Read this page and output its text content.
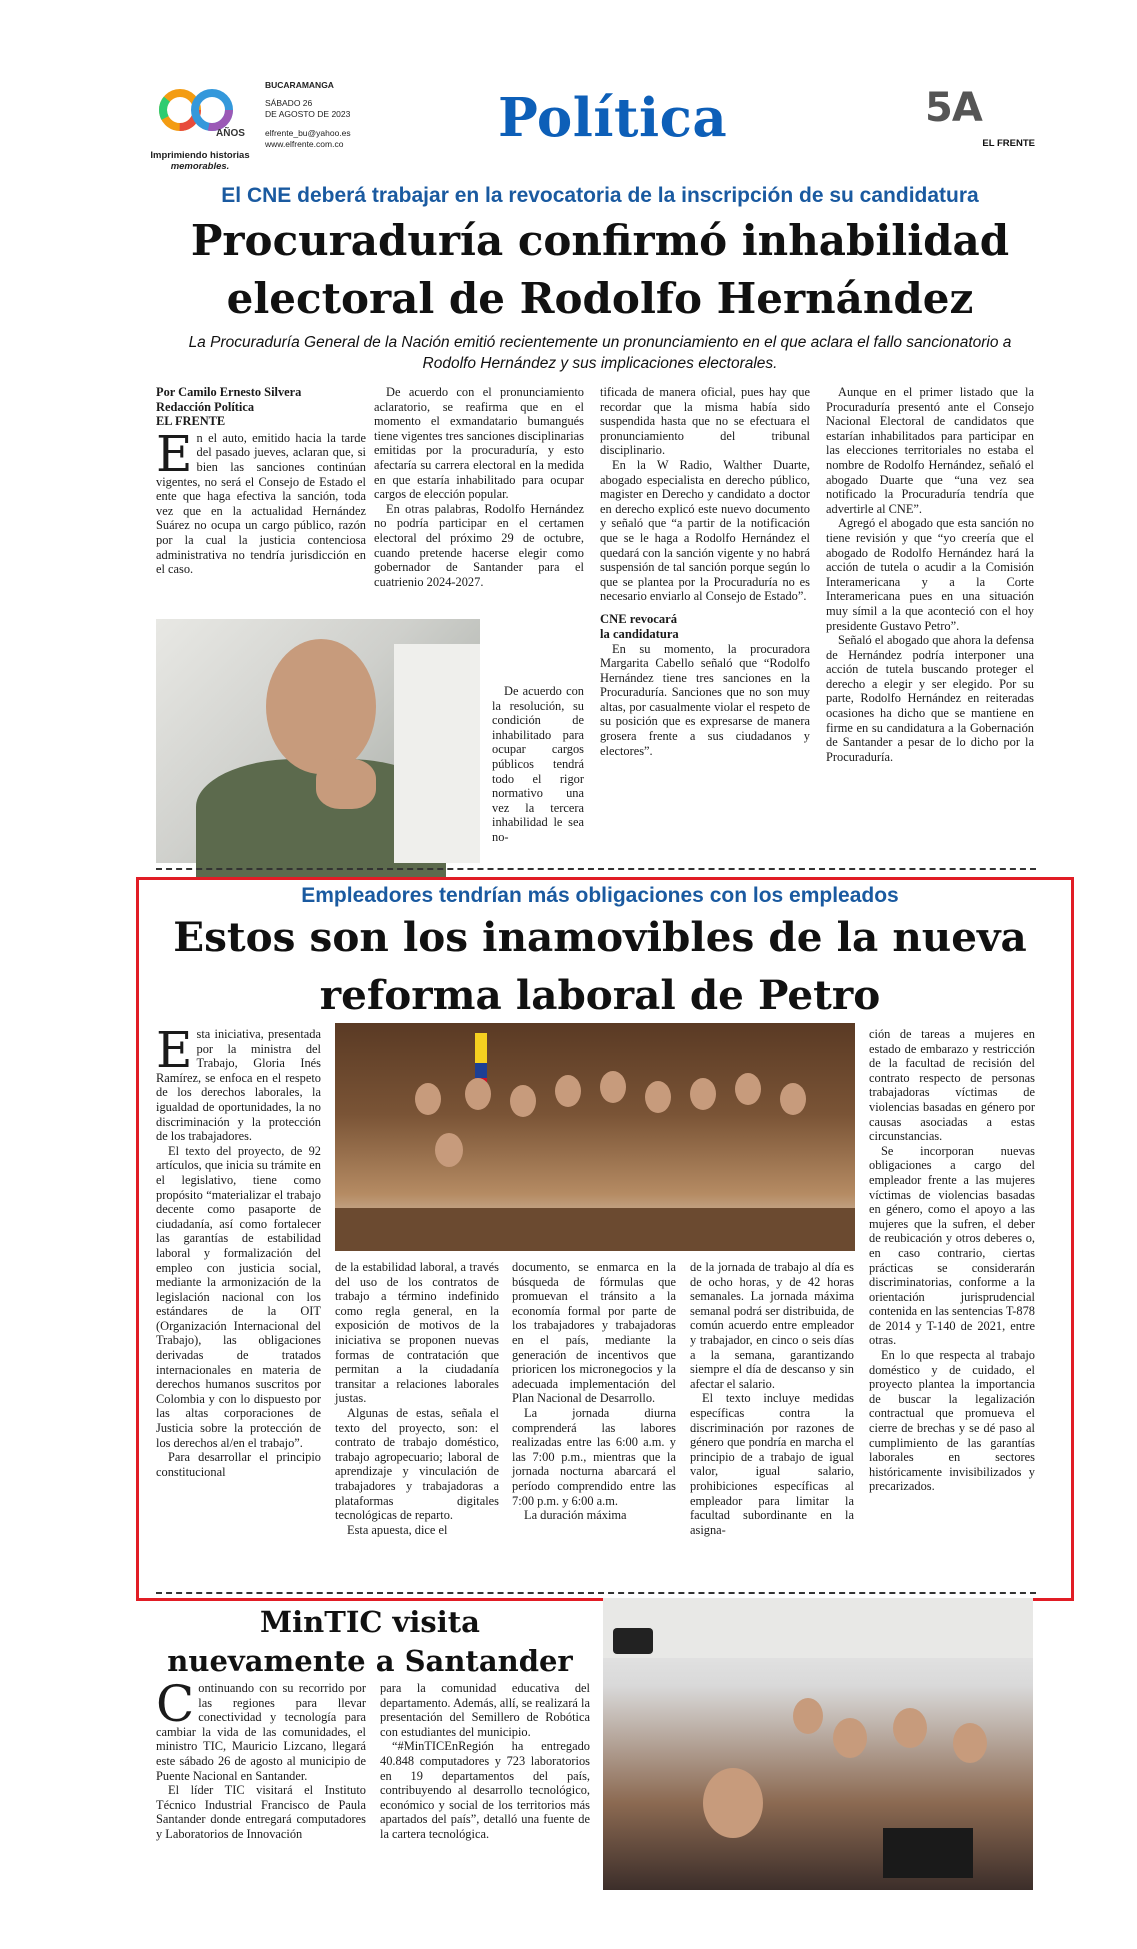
AÑOS
Imprimiendo historias
memorables.
BUCARAMANGA
SÁBADO 26
DE AGOSTO DE 2023
elfrente_bu@yahoo.es
www.elfrente.com.co	Política	5A
EL FRENTE
El CNE deberá trabajar en la revocatoria de la inscripción de su candidatura
Procuraduría confirmó inhabilidad electoral de Rodolfo Hernández
La Procuraduría General de la Nación emitió recientemente un pronunciamiento en el que aclara el fallo sancionatorio a Rodolfo Hernández y sus implicaciones electorales.
Por Camilo Ernesto Silvera
Redacción Política
EL FRENTE

En el auto, emitido hacia la tarde del pasado jueves, aclaran que, si bien las sanciones continúan vigentes, no será el Consejo de Estado el ente que haga efectiva la sanción, toda vez que en la actualidad Hernández Suárez no ocupa un cargo público, razón por la cual la justicia contenciosa administrativa no tendría jurisdicción en el caso.

De acuerdo con el pronunciamiento aclaratorio, se reafirma que en el momento el exmandatario bumangués tiene vigentes tres sanciones disciplinarias emitidas por la procuraduría, y esto afectaría su carrera electoral en la medida en que estaría inhabilitado para ocupar cargos de elección popular.

En otras palabras, Rodolfo Hernández no podría participar en el certamen electoral del próximo 29 de octubre, cuando pretende hacerse elegir como gobernador de Santander para el cuatrienio 2024-2027.

De acuerdo con la resolución, su condición de inhabilitado para ocupar cargos públicos tendrá todo el rigor normativo una vez la tercera inhabilidad le sea no-

tificada de manera oficial, pues hay que recordar que la misma había sido suspendida hasta que no se efectuara el pronunciamiento del tribunal disciplinario.

En la W Radio, Walther Duarte, abogado especialista en derecho público, magister en Derecho y candidato a doctor en derecho explicó este nuevo documento y señaló que “a partir de la notificación que se le haga a Rodolfo Hernández el quedará con la sanción vigente y no habrá suspensión de tal sanción porque según lo que se plantea por la Procuraduría no es necesario enviarlo al Consejo de Estado”.

CNE revocará
la candidatura

En su momento, la procuradora Margarita Cabello señaló que “Rodolfo Hernández tiene tres sanciones en la Procuraduría. Sanciones que no son muy altas, por casualmente violar el respeto de su posición que es expresarse de manera grosera frente a sus ciudadanos y electores”.

Aunque en el primer listado que la Procuraduría presentó ante el Consejo Nacional Electoral de candidatos que estarían inhabilitados para participar en las elecciones territoriales no estaba el nombre de Rodolfo Hernández, señaló el abogado Duarte que “una vez sea notificado la Procuraduría tendría que advertirle al CNE”.

Agregó el abogado que esta sanción no tiene revisión y que “yo creería que el abogado de Rodolfo Hernández hará la acción de tutela o acudir a la Comisión Interamericana y a la Corte Interamericana pues en una situación muy símil a la que aconteció con el hoy presidente Gustavo Petro”.

Señaló el abogado que ahora la defensa de Hernández podría interponer una acción de tutela buscando proteger el derecho a elegir y ser elegido. Por su parte, Rodolfo Hernández en reiteradas ocasiones ha dicho que se mantiene en firme en su candidatura a la Gobernación de Santander a pesar de lo dicho por la Procuraduría.

Empleadores tendrían más obligaciones con los empleados
Estos son los inamovibles de la nueva reforma laboral de Petro

Esta iniciativa, presentada por la ministra del Trabajo, Gloria Inés Ramírez, se enfoca en el respeto de los derechos laborales, la igualdad de oportunidades, la no discriminación y la protección de los trabajadores.

El texto del proyecto, de 92 artículos, que inicia su trámite en el legislativo, tiene como propósito “materializar el trabajo decente como pasaporte de ciudadanía, así como fortalecer las garantías de estabilidad laboral y formalización del empleo con justicia social, mediante la armonización de la legislación nacional con los estándares de la OIT (Organización Internacional del Trabajo), las obligaciones derivadas de tratados internacionales en materia de derechos humanos suscritos por Colombia y con lo dispuesto por las altas corporaciones de Justicia sobre la protección de los derechos al/en el trabajo”.

Para desarrollar el principio constitucional

de la estabilidad laboral, a través del uso de los contratos de trabajo a término indefinido como regla general, en la exposición de motivos de la iniciativa se proponen nuevas formas de contratación que permitan a la ciudadanía transitar a relaciones laborales justas.

Algunas de estas, señala el texto del proyecto, son: el contrato de trabajo doméstico, trabajo agropecuario; laboral de aprendizaje y vinculación de trabajadores y trabajadoras a plataformas digitales tecnológicas de reparto.

Esta apuesta, dice el

documento, se enmarca en la búsqueda de fórmulas que promuevan el tránsito a la economía formal por parte de los trabajadores y trabajadoras en el país, mediante la generación de incentivos que prioricen los micronegocios y la adecuada implementación del Plan Nacional de Desarrollo.

La jornada diurna comprenderá las labores realizadas entre las 6:00 a.m. y las 7:00 p.m., mientras que la jornada nocturna abarcará el período comprendido entre las 7:00 p.m. y 6:00 a.m.

La duración máxima

de la jornada de trabajo al día es de ocho horas, y de 42 horas semanales. La jornada máxima semanal podrá ser distribuida, de común acuerdo entre empleador y trabajador, en cinco o seis días a la semana, garantizando siempre el día de descanso y sin afectar el salario.

El texto incluye medidas específicas contra la discriminación por razones de género que pondría en marcha el principio de a trabajo de igual valor, igual salario, prohibiciones específicas al empleador para limitar la facultad subordinante en la asigna-

ción de tareas a mujeres en estado de embarazo y restricción de la facultad de recisión del contrato respecto de personas trabajadoras víctimas de violencias basadas en género por causas asociadas a estas circunstancias.

Se incorporan nuevas obligaciones a cargo del empleador frente a las mujeres víctimas de violencias basadas en género, como el apoyo a las mujeres que la sufren, el deber de reubicación y otros deberes o, en caso contrario, ciertas prácticas se considerarán discriminatorias, conforme a la orientación jurisprudencial contenida en las sentencias T-878 de 2014 y T-140 de 2021, entre otras.

En lo que respecta al trabajo doméstico y de cuidado, el proyecto plantea la importancia de buscar la legalización contractual que promueva el cierre de brechas y se dé paso al cumplimiento de las garantías laborales en sectores históricamente invisibilizados y precarizados.

MinTIC visita
nuevamente a Santander

Continuando con su recorrido por las regiones para llevar conectividad y tecnología para cambiar la vida de las comunidades, el ministro TIC, Mauricio Lizcano, llegará este sábado 26 de agosto al municipio de Puente Nacional en Santander.

El líder TIC visitará el Instituto Técnico Industrial Francisco de Paula Santander donde entregará computadores y Laboratorios de Innovación

para la comunidad educativa del departamento. Además, allí, se realizará la presentación del Semillero de Robótica con estudiantes del municipio.

“#MinTICEnRegión ha entregado 40.848 computadores y 723 laboratorios en 19 departamentos del país, contribuyendo al desarrollo tecnológico, económico y social de los territorios más apartados del país”, detalló una fuente de la cartera tecnológica.
